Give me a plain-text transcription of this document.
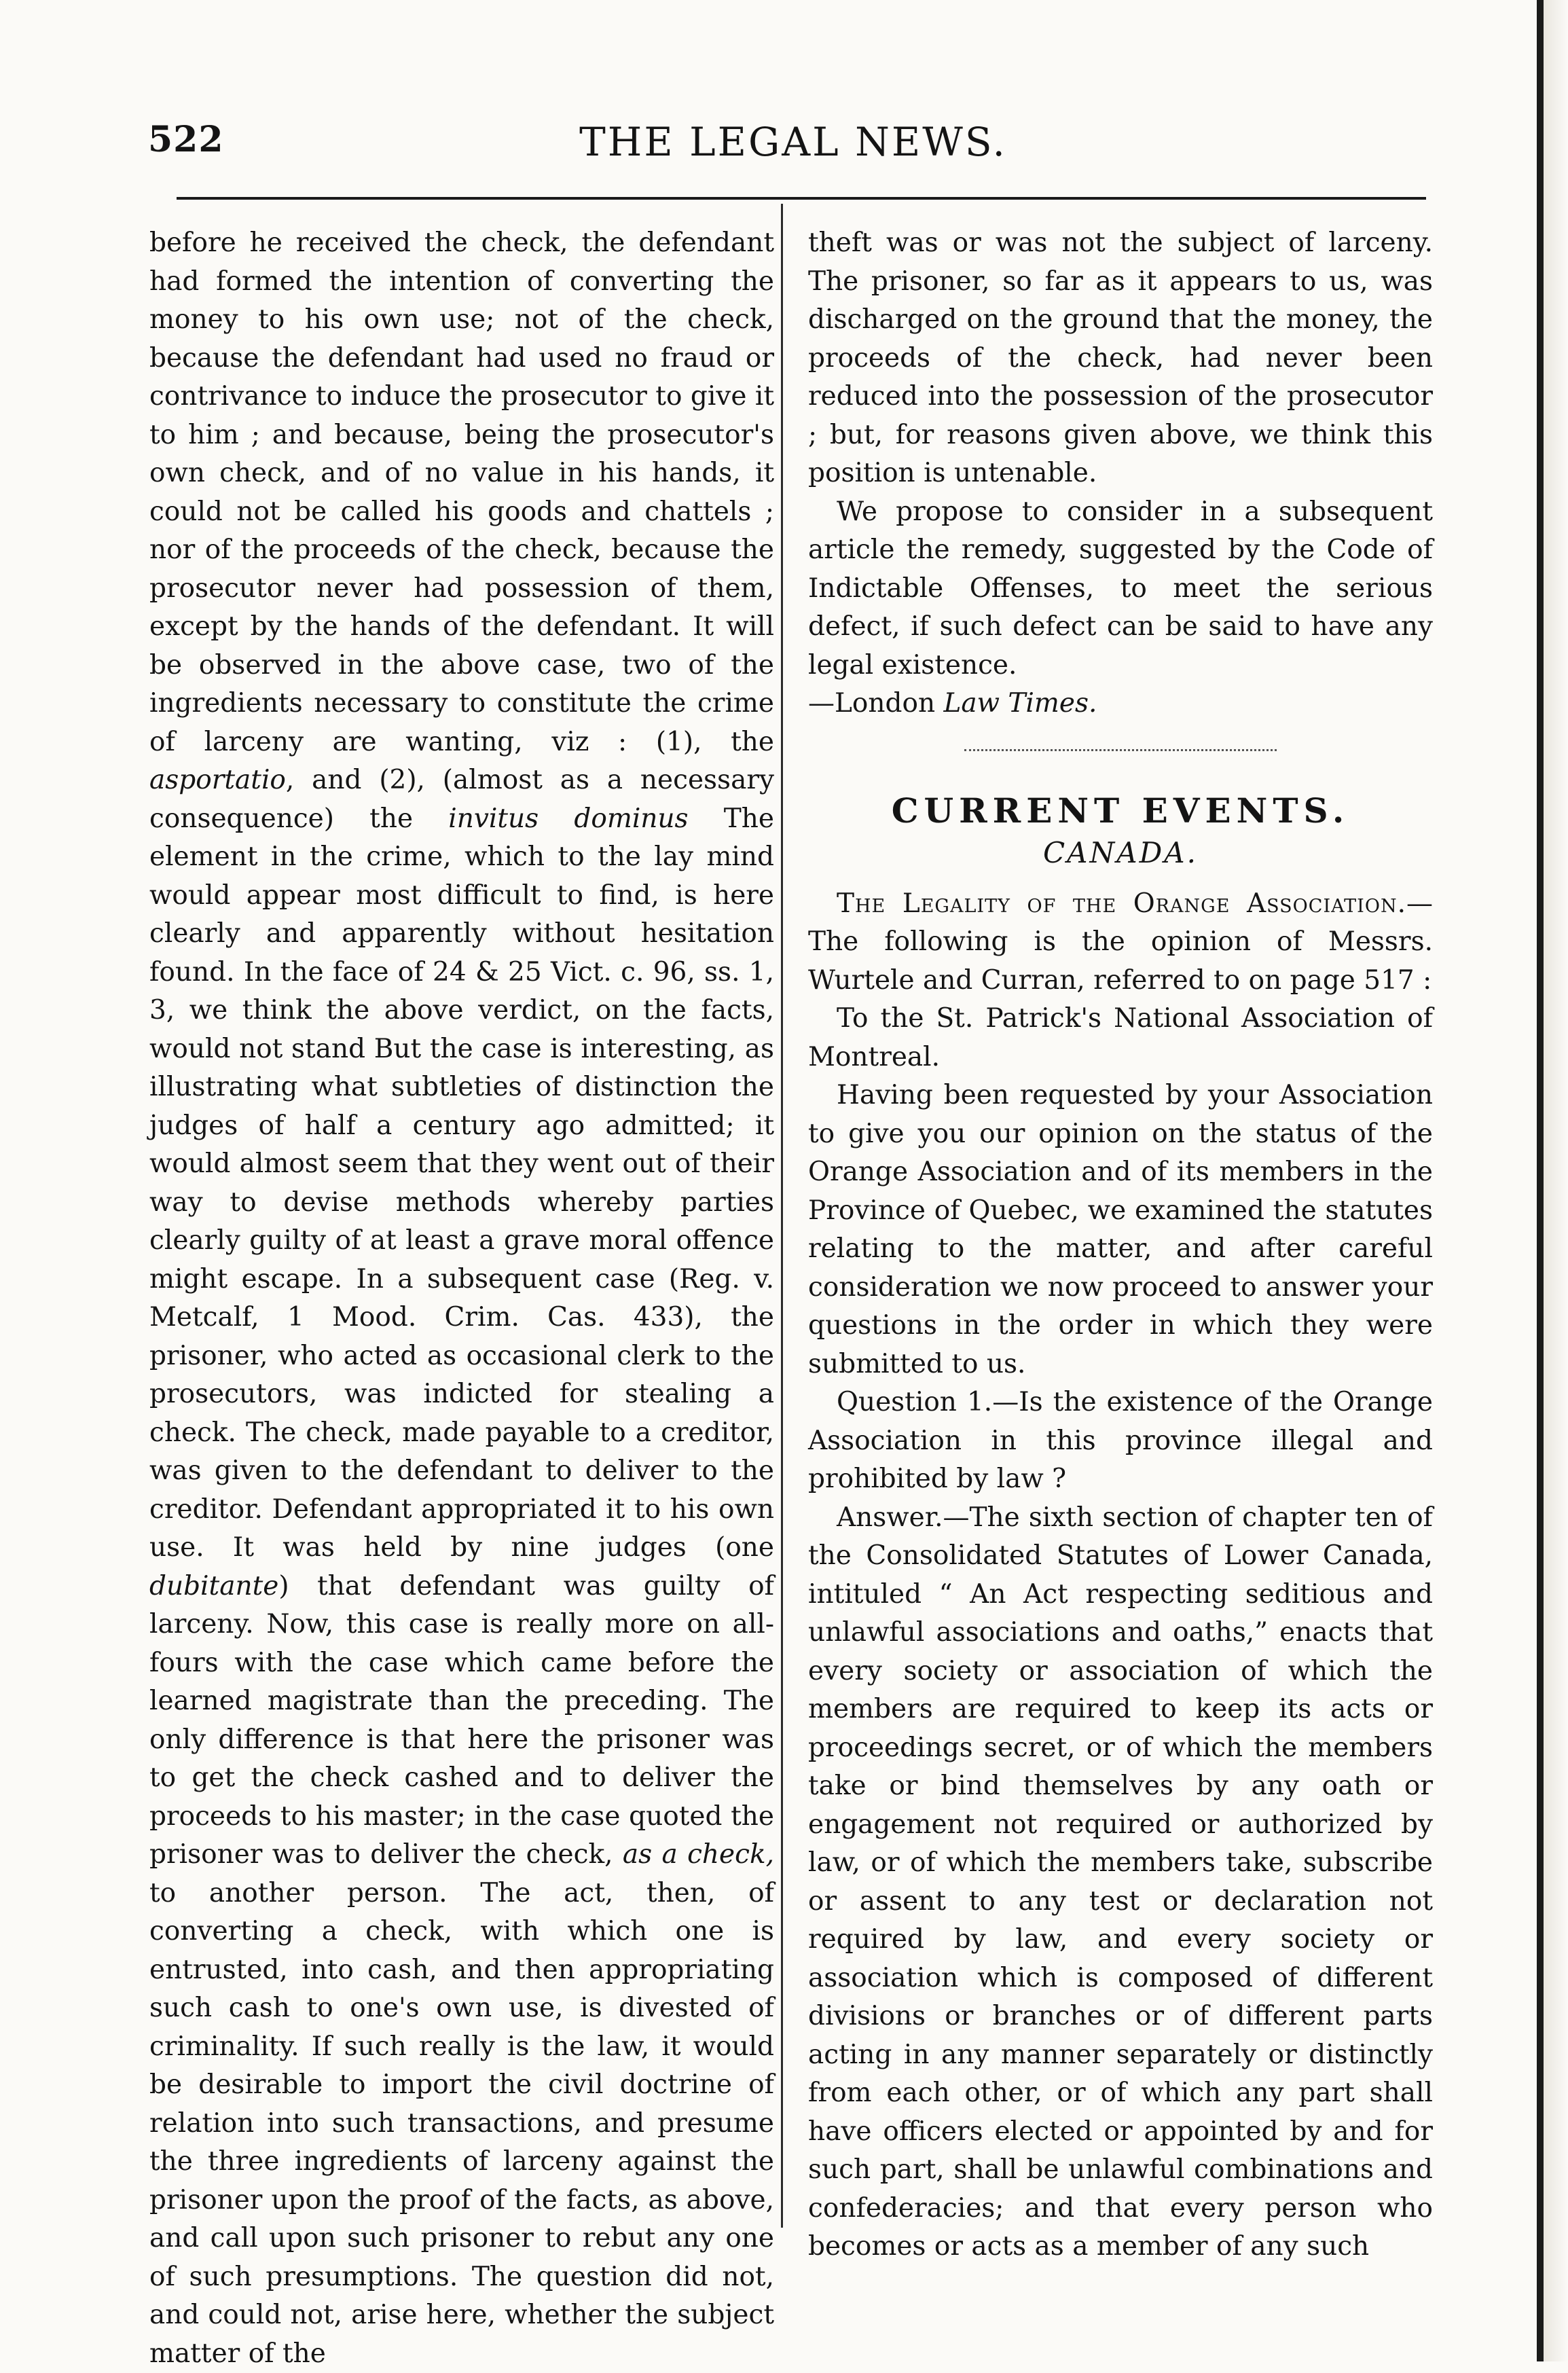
522	THE LEGAL NEWS.

before he received the check, the defendant had formed the intention of converting the money to his own use; not of the check, because the defendant had used no fraud or contrivance to induce the prosecutor to give it to him ; and because, being the prosecutor's own check, and of no value in his hands, it could not be called his goods and chattels ; nor of the proceeds of the check, because the prosecutor never had possession of them, except by the hands of the defendant. It will be observed in the above case, two of the ingredients necessary to constitute the crime of larceny are wanting, viz : (1), the asportatio, and (2), (almost as a necessary consequence) the invitus dominus The element in the crime, which to the lay mind would appear most difficult to find, is here clearly and apparently without hesitation found. In the face of 24 & 25 Vict. c. 96, ss. 1, 3, we think the above verdict, on the facts, would not stand But the case is interesting, as illustrating what subtleties of distinction the judges of half a century ago admitted; it would almost seem that they went out of their way to devise methods whereby parties clearly guilty of at least a grave moral offence might escape. In a subsequent case (Reg. v. Metcalf, 1 Mood. Crim. Cas. 433), the prisoner, who acted as occasional clerk to the prosecutors, was indicted for stealing a check. The check, made payable to a creditor, was given to the defendant to deliver to the creditor. Defendant appropriated it to his own use. It was held by nine judges (one dubitante) that defendant was guilty of larceny. Now, this case is really more on all-fours with the case which came before the learned magistrate than the preceding. The only difference is that here the prisoner was to get the check cashed and to deliver the proceeds to his master; in the case quoted the prisoner was to deliver the check, as a check, to another person. The act, then, of converting a check, with which one is entrusted, into cash, and then appropriating such cash to one's own use, is divested of criminality. If such really is the law, it would be desirable to import the civil doctrine of relation into such transactions, and presume the three ingredients of larceny against the prisoner upon the proof of the facts, as above, and call upon such prisoner to rebut any one of such presumptions. The question did not, and could not, arise here, whether the subject matter of the

theft was or was not the subject of larceny. The prisoner, so far as it appears to us, was discharged on the ground that the money, the proceeds of the check, had never been reduced into the possession of the prosecutor ; but, for reasons given above, we think this position is untenable.

We propose to consider in a subsequent article the remedy, suggested by the Code of Indictable Offenses, to meet the serious defect, if such defect can be said to have any legal existence.
—London Law Times.

CURRENT EVENTS.
CANADA.

The Legality of the Orange Association.—The following is the opinion of Messrs. Wurtele and Curran, referred to on page 517 :

To the St. Patrick's National Association of Montreal.

Having been requested by your Association to give you our opinion on the status of the Orange Association and of its members in the Province of Quebec, we examined the statutes relating to the matter, and after careful consideration we now proceed to answer your questions in the order in which they were submitted to us.

Question 1.—Is the existence of the Orange Association in this province illegal and prohibited by law ?

Answer.—The sixth section of chapter ten of the Consolidated Statutes of Lower Canada, intituled “ An Act respecting seditious and unlawful associations and oaths,” enacts that every society or association of which the members are required to keep its acts or proceedings secret, or of which the members take or bind themselves by any oath or engagement not required or authorized by law, or of which the members take, subscribe or assent to any test or declaration not required by law, and every society or association which is composed of different divisions or branches or of different parts acting in any manner separately or distinctly from each other, or of which any part shall have officers elected or appointed by and for such part, shall be unlawful combinations and confederacies; and that every person who becomes or acts as a member of any such
